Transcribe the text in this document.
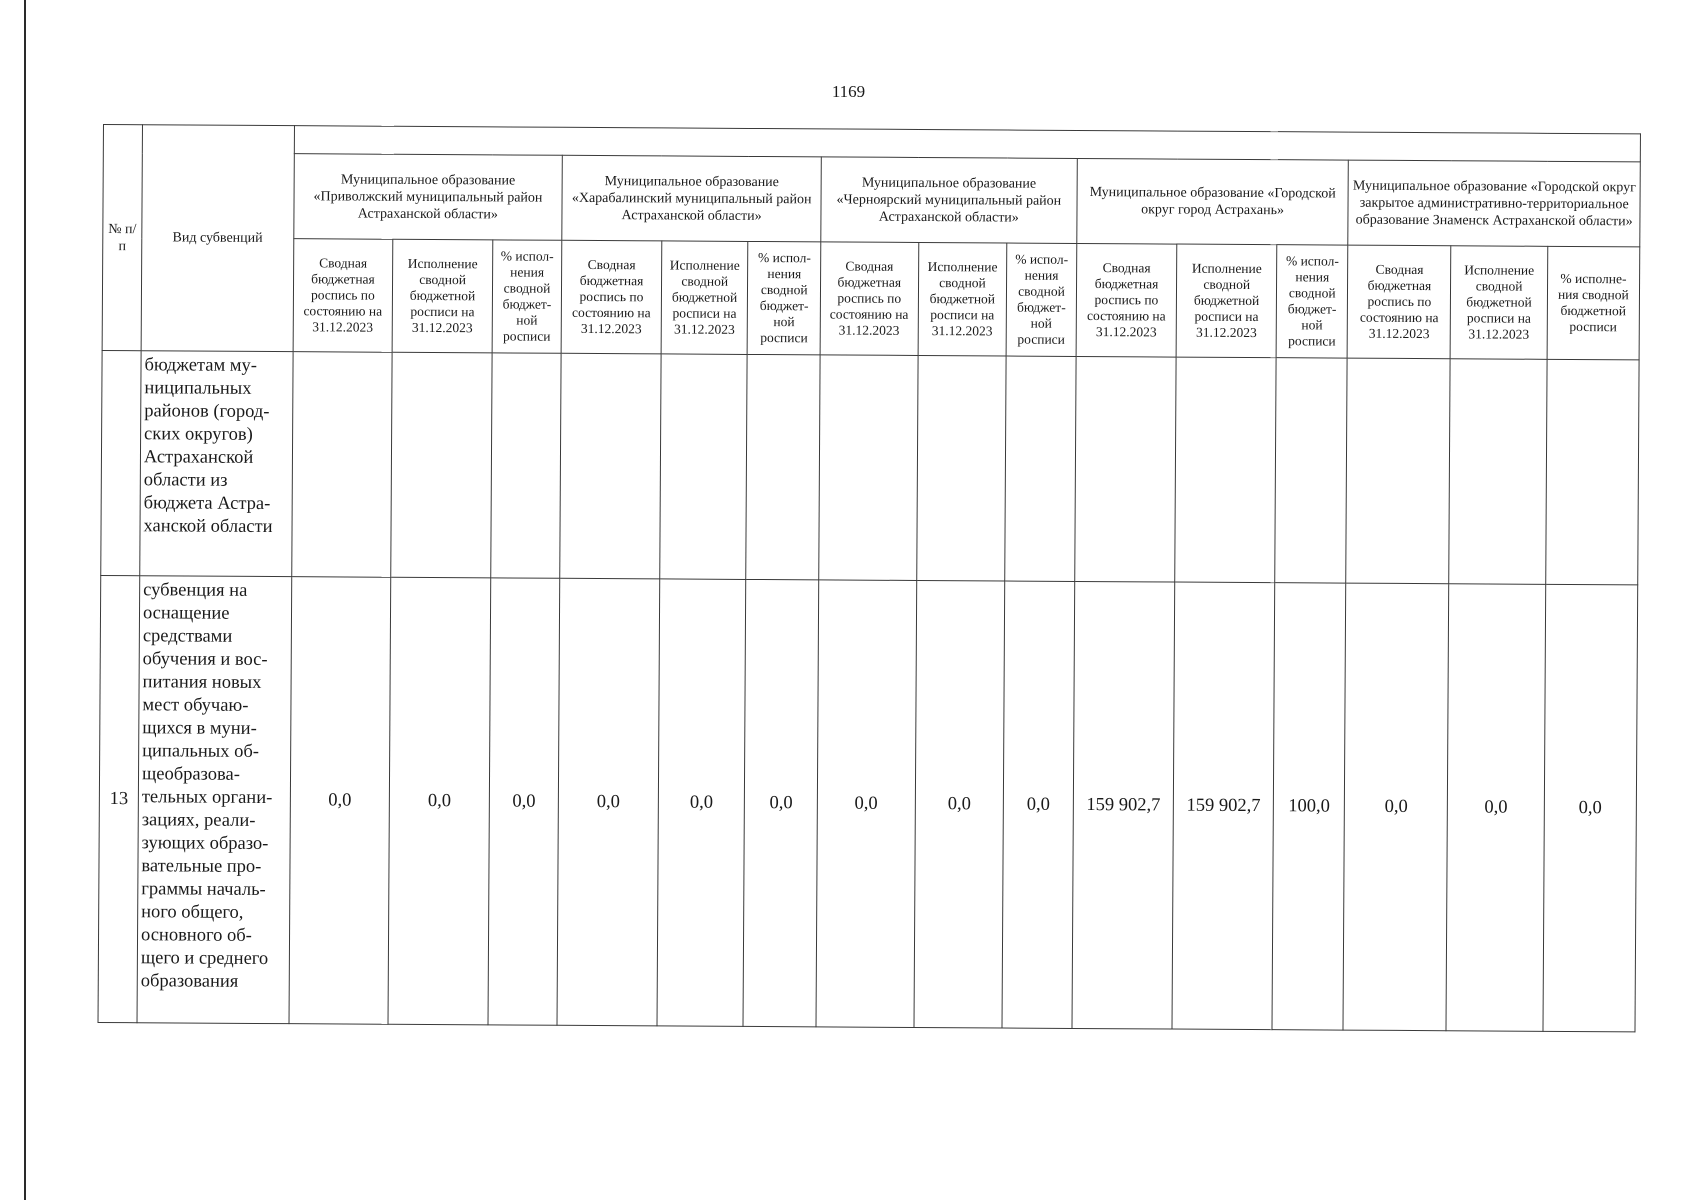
1169
№ п/п	Вид субвенций															
		Муниципальное образование «Приволжский муниципальный район Астраханской области»			Муниципальное образование «Харабалинский муниципальный район Астраханской области»			Муниципальное образование «Черноярский муниципальный район Астраханской области»			Муниципальное образование «Городской округ город Астрахань»			Муниципальное образование «Городской округ закрытое административно-территориальное образование Знаменск Астраханской области»		
		Сводная бюджетная роспись по состоянию на 31.12.2023	Исполнение сводной бюджетной росписи на 31.12.2023	% испол- нения сводной бюджет- ной росписи	Сводная бюджетная роспись по состоянию на 31.12.2023	Исполнение сводной бюджетной росписи на 31.12.2023	% испол- нения сводной бюджет- ной росписи	Сводная бюджетная роспись по состоянию на 31.12.2023	Исполнение сводной бюджетной росписи на 31.12.2023	% испол- нения сводной бюджет- ной росписи	Сводная бюджетная роспись по состоянию на 31.12.2023	Исполнение сводной бюджетной росписи на 31.12.2023	% испол- нения сводной бюджет- ной росписи	Сводная бюджетная роспись по состоянию на 31.12.2023	Исполнение сводной бюджетной росписи на 31.12.2023	% исполне- ния сводной бюджетной росписи
	бюджетам му- ниципальных районов (город- ских округов) Астраханской области из бюджета Астра- ханской области															
13	субвенция на оснащение средствами обучения и вос- питания новых мест обучаю- щихся в муни- ципальных об- щеобразова- тельных органи- зациях, реали- зующих образо- вательные про- граммы началь- ного общего, основного об- щего и среднего образования	0,0	0,0	0,0	0,0	0,0	0,0	0,0	0,0	0,0	159 902,7	159 902,7	100,0	0,0	0,0	0,0
